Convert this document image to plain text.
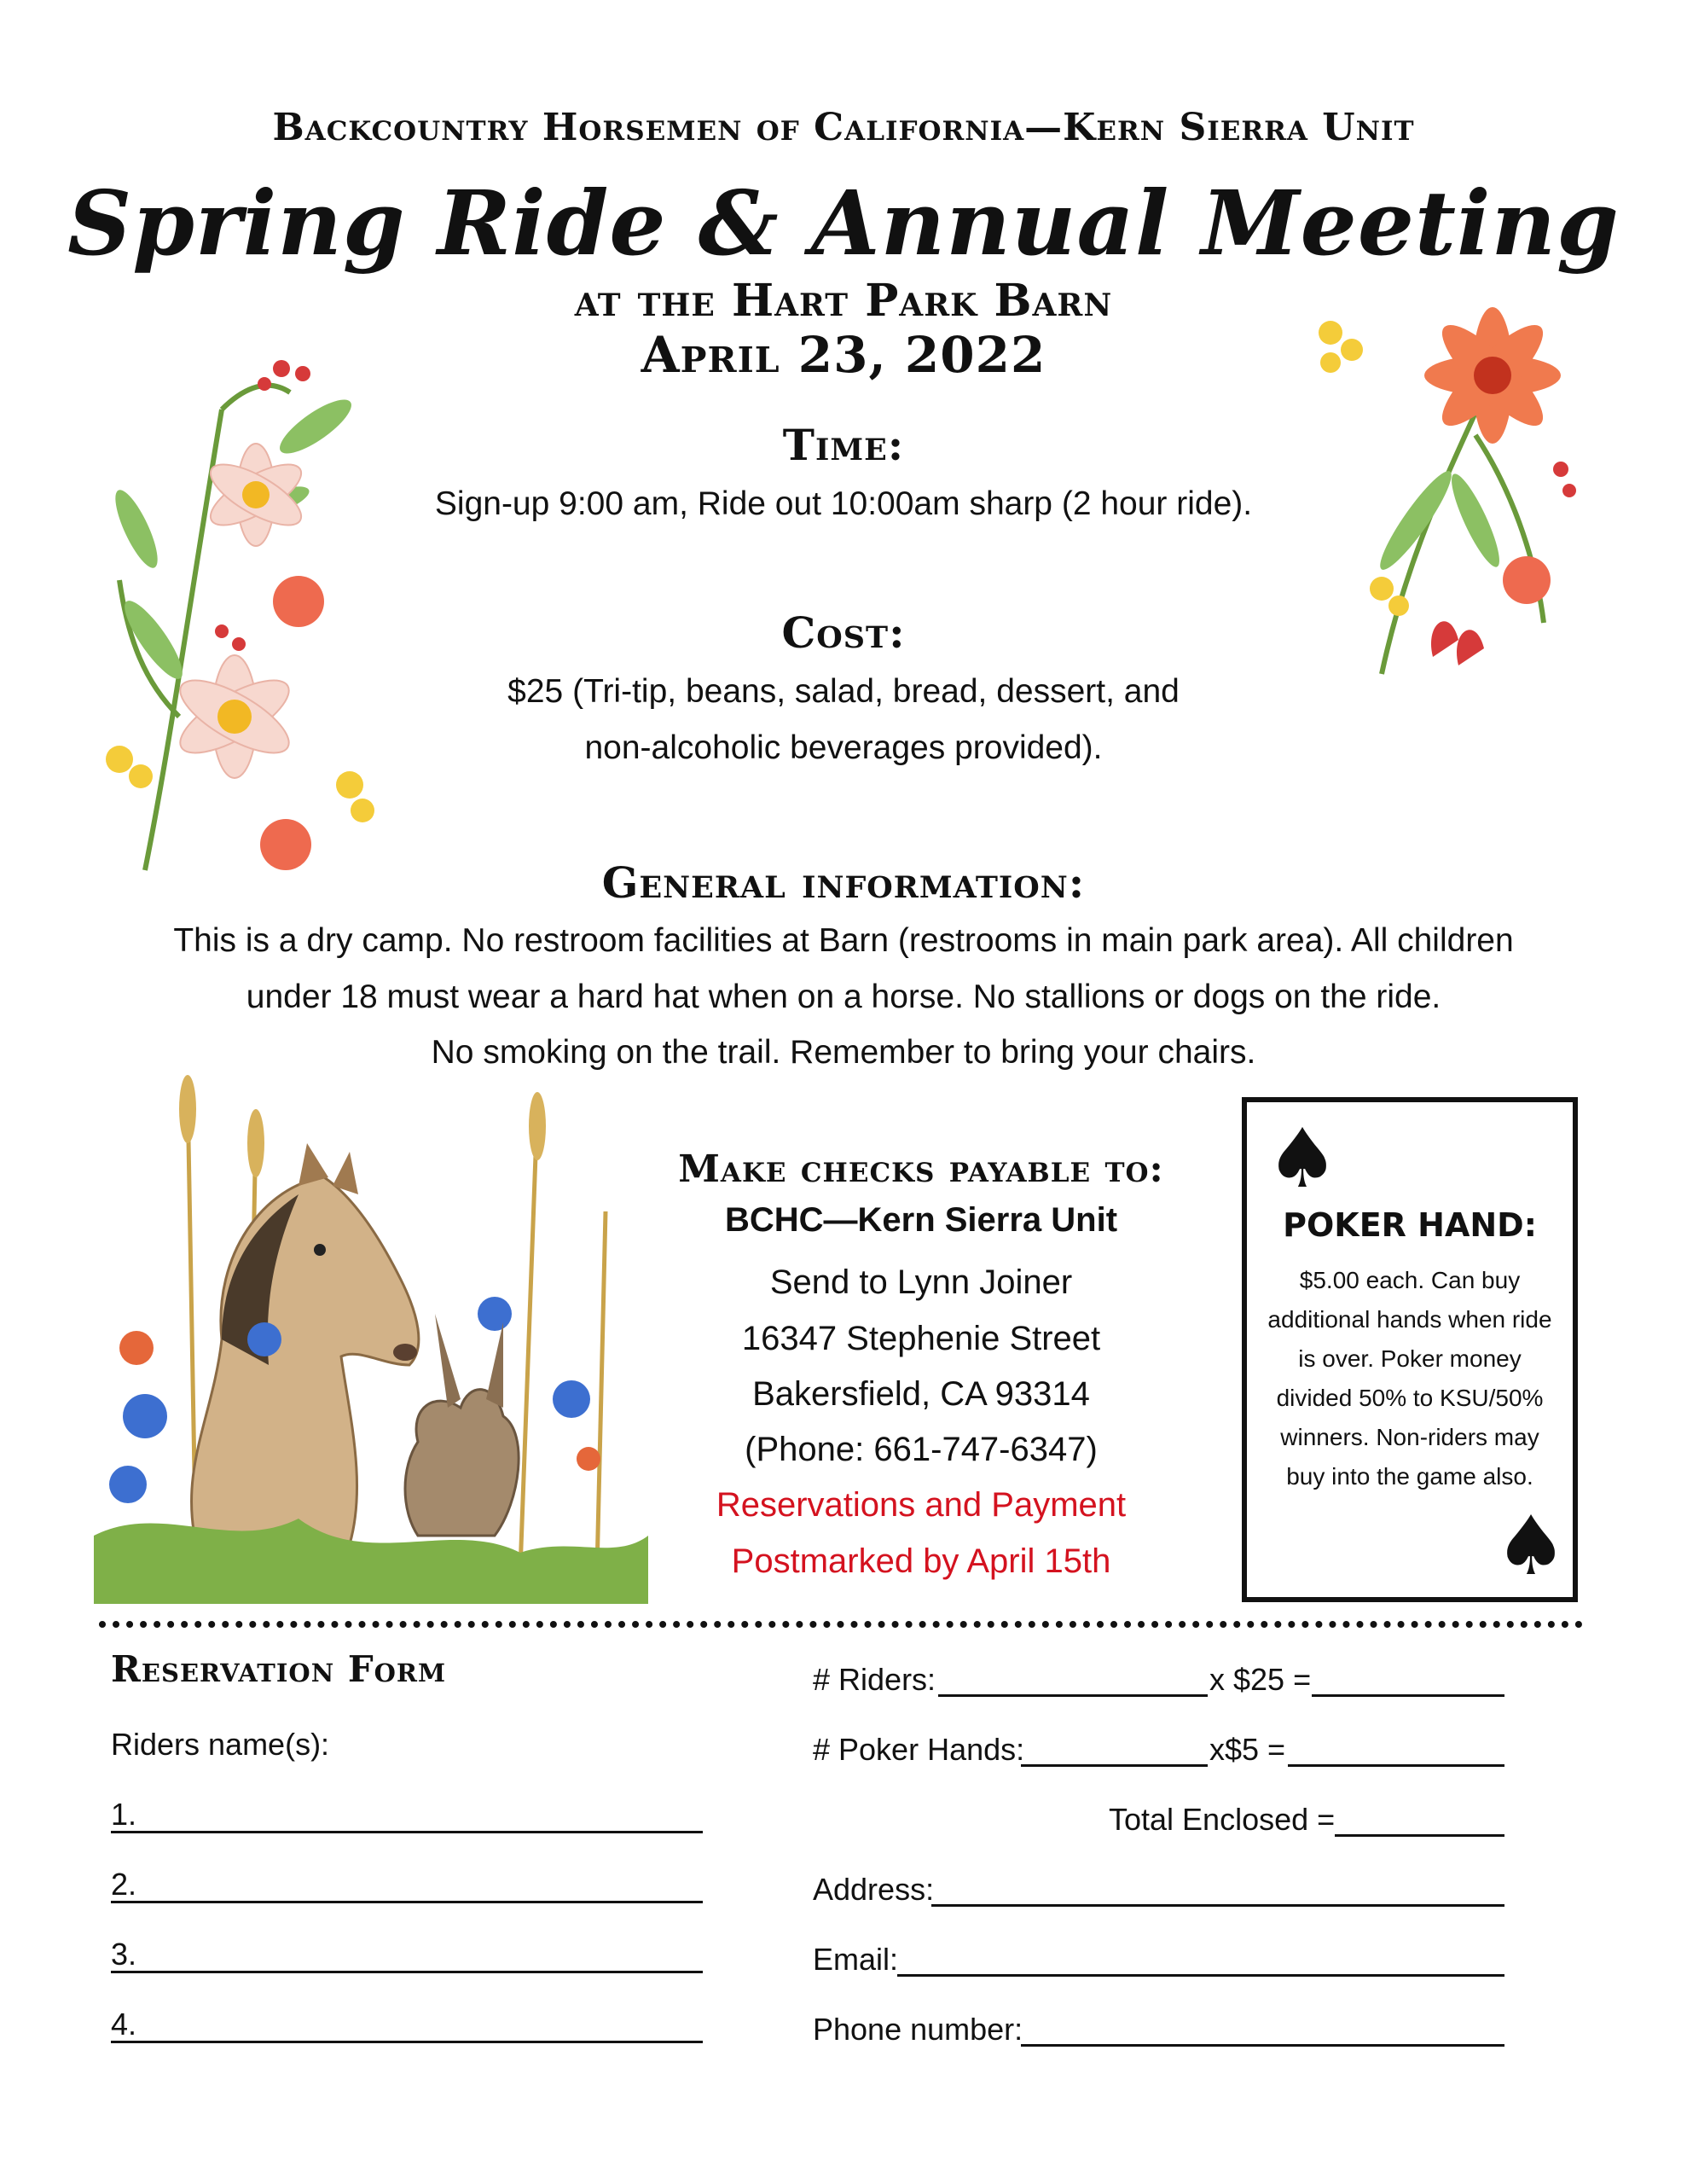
Backcountry Horsemen of California—Kern Sierra Unit
Spring Ride & Annual Meeting
at the Hart Park Barn
April 23, 2022
Time:
Sign-up 9:00 am, Ride out 10:00am sharp (2 hour ride).
Cost:
$25 (Tri-tip, beans, salad, bread, dessert, and
non-alcoholic beverages provided).
General information:
This is a dry camp. No restroom facilities at Barn (restrooms in main park area). All children
under 18 must wear a hard hat when on a horse. No stallions or dogs on the ride.
No smoking on the trail. Remember to bring your chairs.
Make checks payable to:
BCHC—Kern Sierra Unit
Send to Lynn Joiner
16347 Stephenie Street
Bakersfield, CA 93314
(Phone: 661-747-6347)
Reservations and Payment
Postmarked by April 15th
♠
POKER HAND:
$5.00 each. Can buy
additional hands when ride
is over. Poker money
divided 50% to KSU/50%
winners. Non-riders may
buy into the game also.
♠
Reservation Form
Riders name(s):
1.
2.
3.
4.
# Riders:	x $25 =
# Poker Hands:	x$5 =
Total Enclosed =
Address:
Email:
Phone number:
